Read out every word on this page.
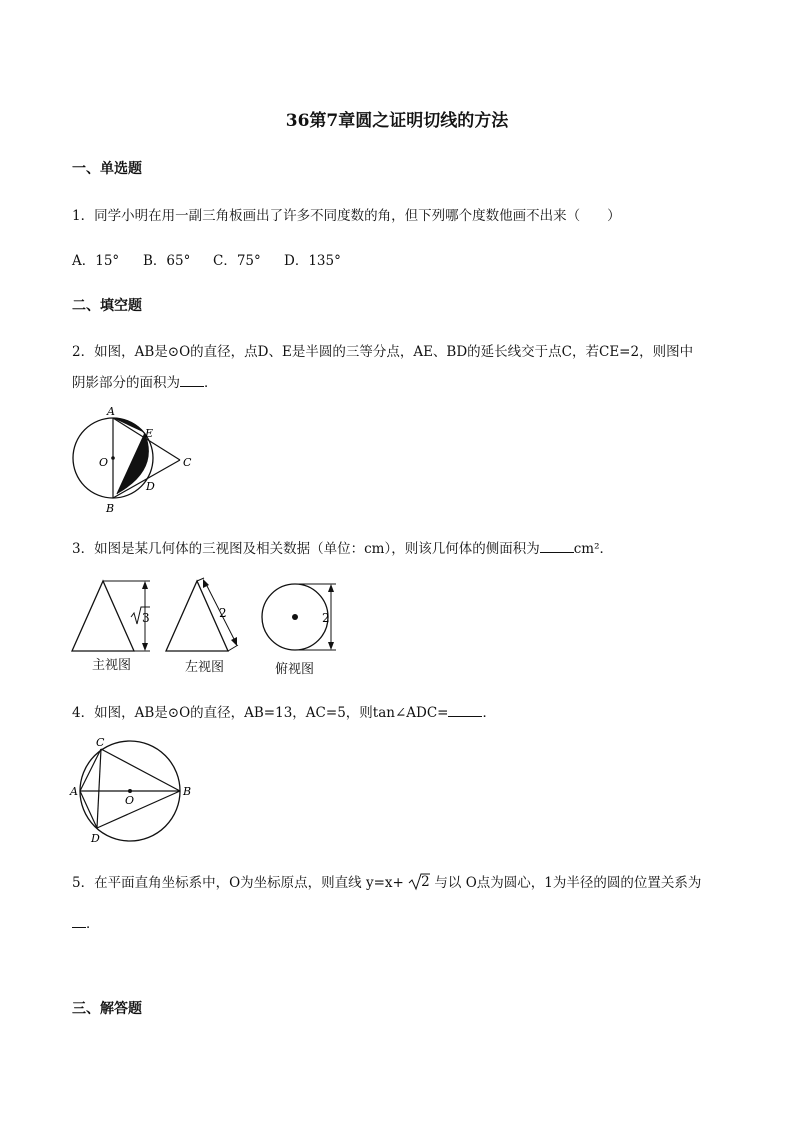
36第7章圆之证明切线的方法
一、单选题
1．同学小明在用一副三角板画出了许多不同度数的角，但下列哪个度数他画不出来（　　）
A．15° B．65° C．75° D．135°
二、填空题
2．如图，AB是⊙O的直径，点D、E是半圆的三等分点，AE、BD的延长线交于点C，若CE=2，则图中
阴影部分的面积为 ．
A
E
O	C
D
B
3．如图是某几何体的三视图及相关数据（单位：cm），则该几何体的侧面积为	cm²．
3	2	2
主视图	左视图	俯视图
4．如图，AB是⊙O的直径，AB=13，AC=5，则tan∠ADC=	．
C
A
O
B
D
5．在平面直角坐标系中，O为坐标原点，则直线 y=x+ 2 与以 O点为圆心，1为半径的圆的位置关系为
．
三、解答题
